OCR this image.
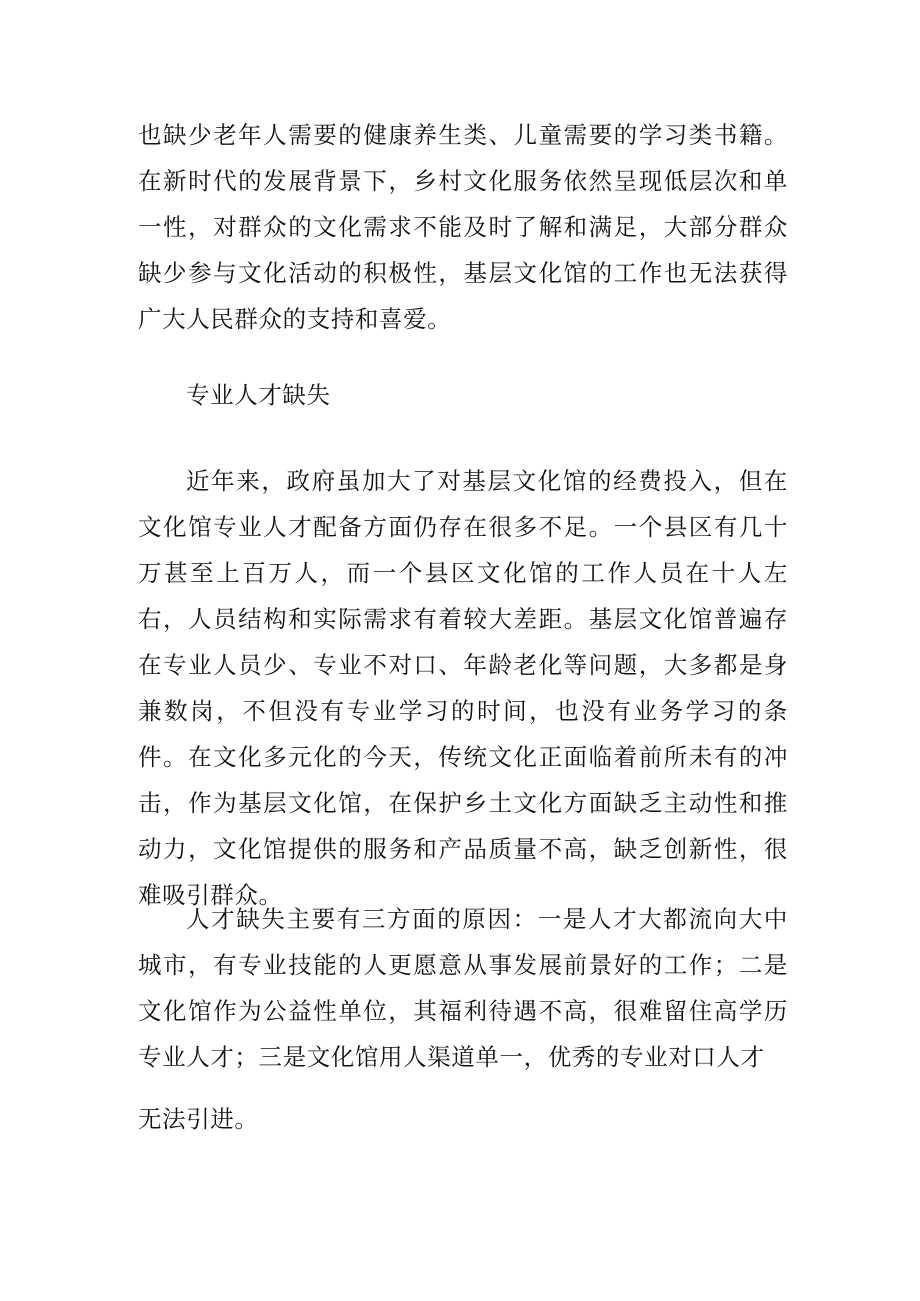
也缺少老年人需要的健康养生类、儿童需要的学习类书籍。在新时代的发展背景下，乡村文化服务依然呈现低层次和单一性，对群众的文化需求不能及时了解和满足，大部分群众缺少参与文化活动的积极性，基层文化馆的工作也无法获得广大人民群众的支持和喜爱。

专业人才缺失

近年来，政府虽加大了对基层文化馆的经费投入，但在文化馆专业人才配备方面仍存在很多不足。一个县区有几十万甚至上百万人，而一个县区文化馆的工作人员在十人左右，人员结构和实际需求有着较大差距。基层文化馆普遍存在专业人员少、专业不对口、年龄老化等问题，大多都是身兼数岗，不但没有专业学习的时间，也没有业务学习的条件。在文化多元化的今天，传统文化正面临着前所未有的冲击，作为基层文化馆，在保护乡土文化方面缺乏主动性和推动力，文化馆提供的服务和产品质量不高，缺乏创新性，很难吸引群众。

人才缺失主要有三方面的原因：一是人才大都流向大中城市，有专业技能的人更愿意从事发展前景好的工作；二是文化馆作为公益性单位，其福利待遇不高，很难留住高学历专业人才；三是文化馆用人渠道单一，优秀的专业对口人才

无法引进。
